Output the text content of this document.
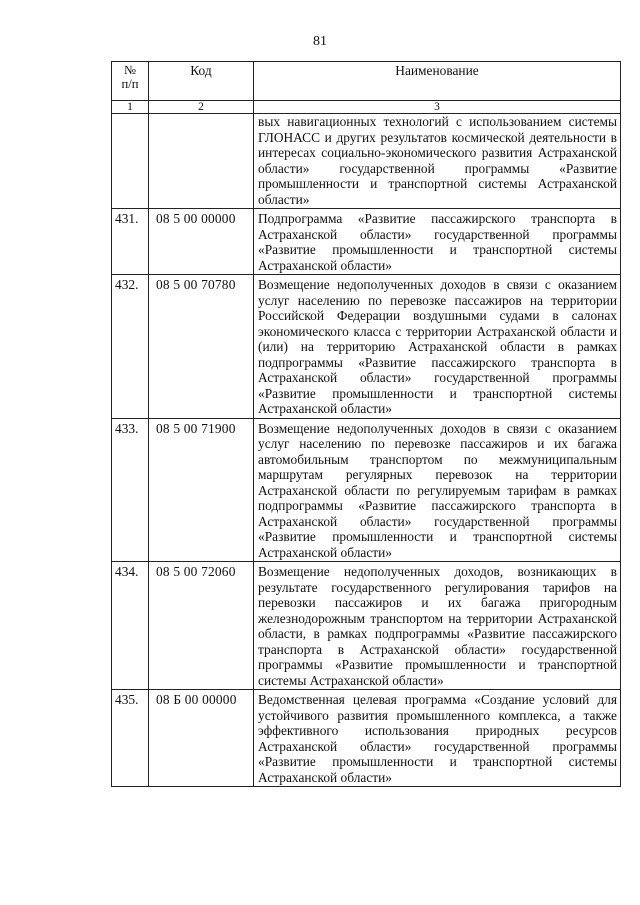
81
№
п/п	Код	Наименование
1	2	3
		вых навигационных технологий с использованием системы ГЛОНАСС и других результатов космической деятельности в интересах социально-экономического развития Астраханской области» государственной программы «Развитие промышленности и транспортной системы Астраханской области»
431.	08 5 00 00000	Подпрограмма «Развитие пассажирского транспорта в Астраханской области» государственной программы «Развитие промышленности и транспортной системы Астраханской области»
432.	08 5 00 70780	Возмещение недополученных доходов в связи с оказанием услуг населению по перевозке пассажиров на территории Российской Федерации воздушными судами в салонах экономического класса с территории Астраханской области и (или) на территорию Астраханской области в рамках подпрограммы «Развитие пассажирского транспорта в Астраханской области» государственной программы «Развитие промышленности и транспортной системы Астраханской области»
433.	08 5 00 71900	Возмещение недополученных доходов в связи с оказанием услуг населению по перевозке пассажиров и их багажа автомобильным транспортом по межмуниципальным маршрутам регулярных перевозок на территории Астраханской области по регулируемым тарифам в рамках подпрограммы «Развитие пассажирского транспорта в Астраханской области» государственной программы «Развитие промышленности и транспортной системы Астраханской области»
434.	08 5 00 72060	Возмещение недополученных доходов, возникающих в результате государственного регулирования тарифов на перевозки пассажиров и их багажа пригородным железнодорожным транспортом на территории Астраханской области, в рамках подпрограммы «Развитие пассажирского транспорта в Астраханской области» государственной программы «Развитие промышленности и транспортной системы Астраханской области»
435.	08 Б 00 00000	Ведомственная целевая программа «Создание условий для устойчивого развития промышленного комплекса, а также эффективного использования природных ресурсов Астраханской области» государственной программы «Развитие промышленности и транспортной системы Астраханской области»
